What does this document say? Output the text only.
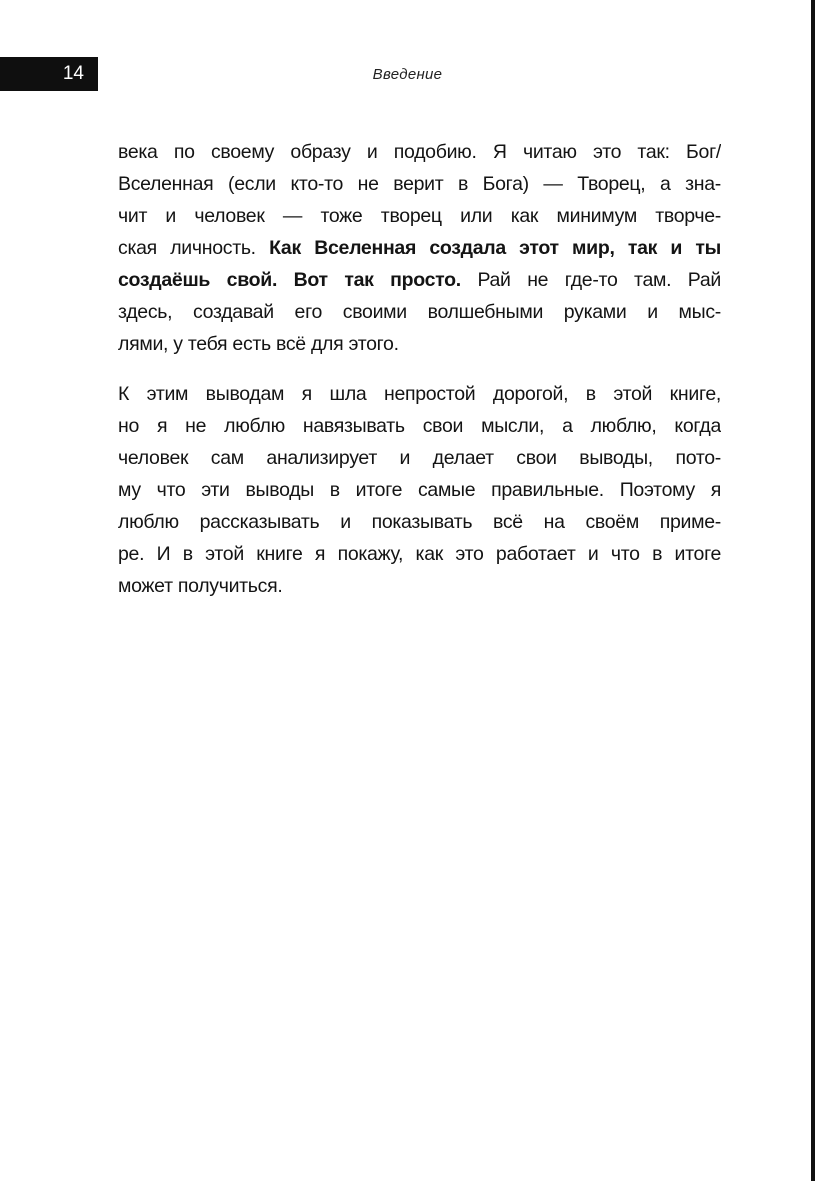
14	Введение

века по своему образу и подобию. Я читаю это так: Бог/
Вселенная (если кто-то не верит в Бога) — Творец, а зна-
чит и человек — тоже творец или как минимум творче-
ская личность. Как Вселенная создала этот мир, так и ты
создаёшь свой. Вот так просто. Рай не где-то там. Рай
здесь, создавай его своими волшебными руками и мыс-
лями, у тебя есть всё для этого.

К этим выводам я шла непростой дорогой, в этой книге,
но я не люблю навязывать свои мысли, а люблю, когда
человек сам анализирует и делает свои выводы, пото-
му что эти выводы в итоге самые правильные. Поэтому я
люблю рассказывать и показывать всё на своём приме-
ре. И в этой книге я покажу, как это работает и что в итоге
может получиться.
